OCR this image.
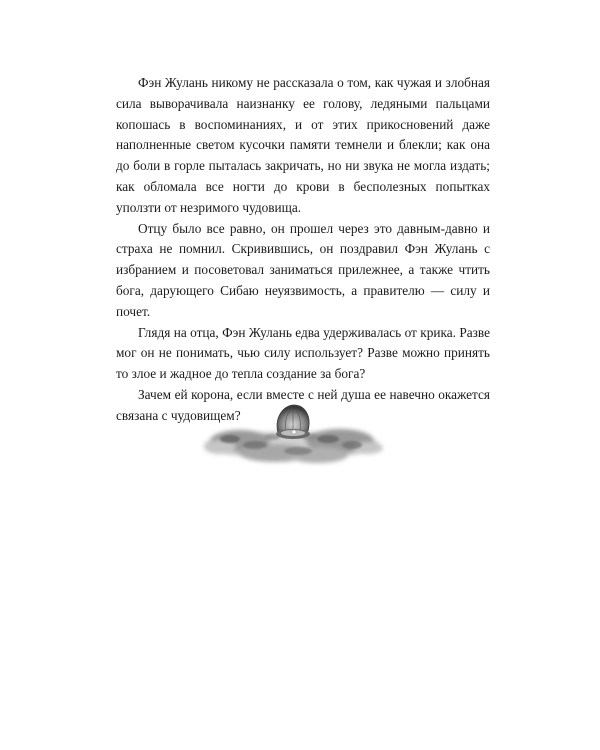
Фэн Жулань никому не рассказала о том, как чужая и злобная сила выворачивала наизнанку ее голову, ледяными пальцами копошась в воспоминаниях, и от этих прикосновений даже наполненные светом кусочки памяти темнели и блекли; как она до боли в горле пыталась закричать, но ни звука не могла издать; как обломала все ногти до крови в бесполезных попытках уползти от незримого чудовища.

Отцу было все равно, он прошел через это давным-давно и страха не помнил. Скривившись, он поздравил Фэн Жулань с избранием и посоветовал заниматься прилежнее, а также чтить бога, дарующего Сибаю неуязвимость, а правителю — силу и почет.

Глядя на отца, Фэн Жулань едва удерживалась от крика. Разве мог он не понимать, чью силу использует? Разве можно принять то злое и жадное до тепла создание за бога?

Зачем ей корона, если вместе с ней душа ее навечно окажется связана с чудовищем?
